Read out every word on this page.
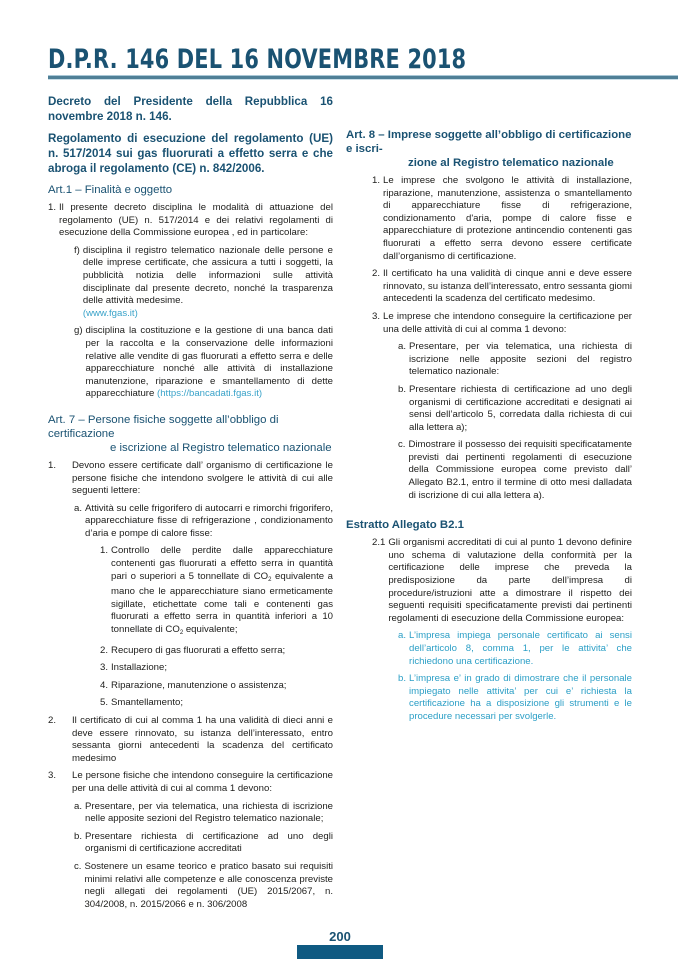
D.P.R. 146 DEL 16 NOVEMBRE 2018
Decreto del Presidente della Repubblica 16 novembre 2018 n. 146.
Regolamento di esecuzione del regolamento (UE) n. 517/2014 sui gas fluorurati a effetto serra e che abroga il regolamento (CE) n. 842/2006.
Art.1 – Finalità e oggetto
1. Il presente decreto disciplina le modalità di attuazione del regolamento (UE) n. 517/2014 e dei relativi regolamenti di esecuzione della Commissione europea , ed in particolare:
f) disciplina il registro telematico nazionale delle persone e delle imprese certificate, che assicura a tutti i soggetti, la pubblicità notizia delle informazioni sulle attività disciplinate dal presente decreto, nonché la trasparenza delle attività medesime.
(www.fgas.it)
g) disciplina la costituzione e la gestione di una banca dati per la raccolta e la conservazione delle informazioni relative alle vendite di gas fluorurati a effetto serra e delle apparecchiature nonché alle attività di installazione manutenzione, riparazione e smantellamento di dette apparecchiature (https://bancadati.fgas.it)
Art. 7 – Persone fisiche soggette all’obbligo di certificazione
e iscrizione al Registro telematico nazionale
1.	Devono essere certificate dall’ organismo di certificazione le persone fisiche che intendono svolgere le attività di cui alle seguenti lettere:
a. Attività su celle frigorifero di autocarri e rimorchi frigorifero, apparecchiature fisse di refrigerazione , condizionamento d’aria e pompe di calore fisse:
1. Controllo delle perdite dalle apparecchiature contenenti gas fluorurati a effetto serra in quantità pari o superiori a 5 tonnellate di $CO_2$ equivalente a mano che le apparecchiature siano ermeticamente sigillate, etichettate come tali e contenenti gas fluorurati a effetto serra in quantità inferiori a 10 tonnellate di $CO_2$ equivalente;
2. Recupero di gas fluorurati a effetto serra;
3. Installazione;
4. Riparazione, manutenzione o assistenza;
5. Smantellamento;
2.	Il certificato di cui al comma 1 ha una validità di dieci anni e deve essere rinnovato, su istanza dell’interessato, entro sessanta giorni antecedenti la scadenza del certificato medesimo
3.	Le persone fisiche che intendono conseguire la certificazione per una delle attività di cui al comma 1 devono:
a. Presentare, per via telematica, una richiesta di iscrizione nelle apposite sezioni del Registro telematico nazionale;
b. Presentare richiesta di certificazione ad uno degli organismi di certificazione accreditati
c. Sostenere un esame teorico e pratico basato sui requisiti minimi relativi alle competenze e alle conoscenza previste negli allegati dei regolamenti (UE) 2015/2067, n. 304/2008, n. 2015/2066 e n. 306/2008
Art. 8 – Imprese soggette all’obbligo di certificazione e iscri-
zione al Registro telematico nazionale
1. Le imprese che svolgono le attività di installazione, riparazione, manutenzione, assistenza o smantellamento di apparecchiature fisse di refrigerazione, condizionamento d'aria, pompe di calore fisse e apparecchiature di protezione antincendio contenenti gas fluorurati a effetto serra devono essere certificate dall’organismo di certificazione.
2. Il certificato ha una validità di cinque anni e deve essere rinnovato, su istanza dell’interessato, entro sessanta giomi antecedenti la scadenza del certificato medesimo.
3. Le imprese che intendono conseguire la certificazione per una delle attività di cui al comma 1 devono:
a. Presentare, per via telematica, una richiesta di iscrizione nelle apposite sezioni del registro telematico nazionale:
b. Presentare richiesta di certificazione ad uno degli organismi di certificazione accreditati e designati ai sensi dell’articolo 5, corredata dalla richiesta di cui alla lettera a);
c. Dimostrare il possesso dei requisiti specificatamente previsti dai pertinenti regolamenti di esecuzione della Commissione europea come previsto dall’ Allegato B2.1, entro il termine di otto mesi dalladata di iscrizione di cui alla lettera a).
Estratto Allegato B2.1
2.1 Gli organismi accreditati di cui al punto 1 devono definire uno schema di valutazione della conformità per la certificazione delle imprese che preveda la predisposizione da parte dell’impresa di procedure/istruzioni atte a dimostrare il rispetto dei seguenti requisiti specificatamente previsti dai pertinenti regolamenti di esecuzione della Commissione europea:
a. L’impresa impiega personale certificato ai sensi dell’articolo 8, comma 1, per le attivita’ che richiedono una certificazione.
b. L’impresa e’ in grado di dimostrare che il personale impiegato nelle attivita’ per cui e’ richiesta la certificazione ha a disposizione gli strumenti e le procedure necessari per svolgerle.
200
